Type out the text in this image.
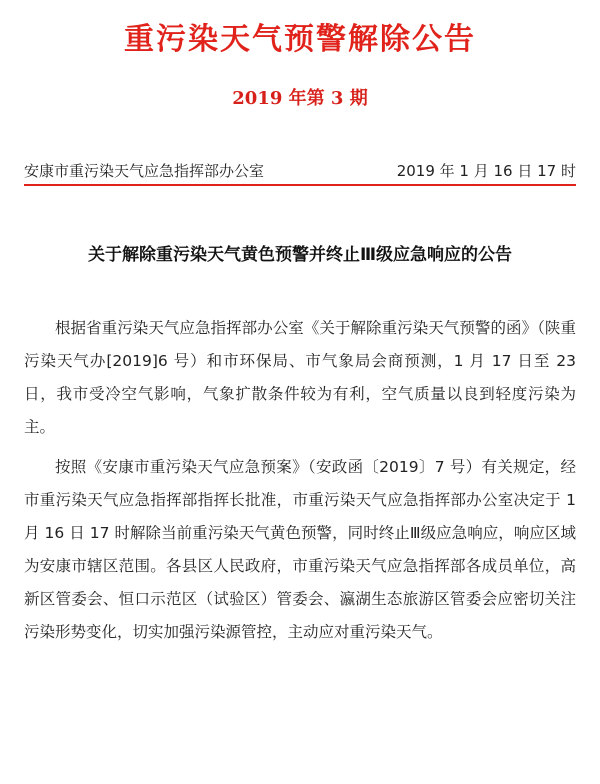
重污染天气预警解除公告
2019 年第 3 期
安康市重污染天气应急指挥部办公室	2019 年 1 月 16 日 17 时
关于解除重污染天气黄色预警并终止Ⅲ级应急响应的公告

根据省重污染天气应急指挥部办公室《关于解除重污染天气预警的函》（陕重污染天气办[2019]6 号）和市环保局、市气象局会商预测，1 月 17 日至 23 日，我市受冷空气影响，气象扩散条件较为有利，空气质量以良到轻度污染为主。

按照《安康市重污染天气应急预案》（安政函〔2019〕7 号）有关规定，经市重污染天气应急指挥部指挥长批准，市重污染天气应急指挥部办公室决定于 1 月 16 日 17 时解除当前重污染天气黄色预警，同时终止Ⅲ级应急响应，响应区域为安康市辖区范围。各县区人民政府，市重污染天气应急指挥部各成员单位，高新区管委会、恒口示范区（试验区）管委会、瀛湖生态旅游区管委会应密切关注污染形势变化，切实加强污染源管控，主动应对重污染天气。
